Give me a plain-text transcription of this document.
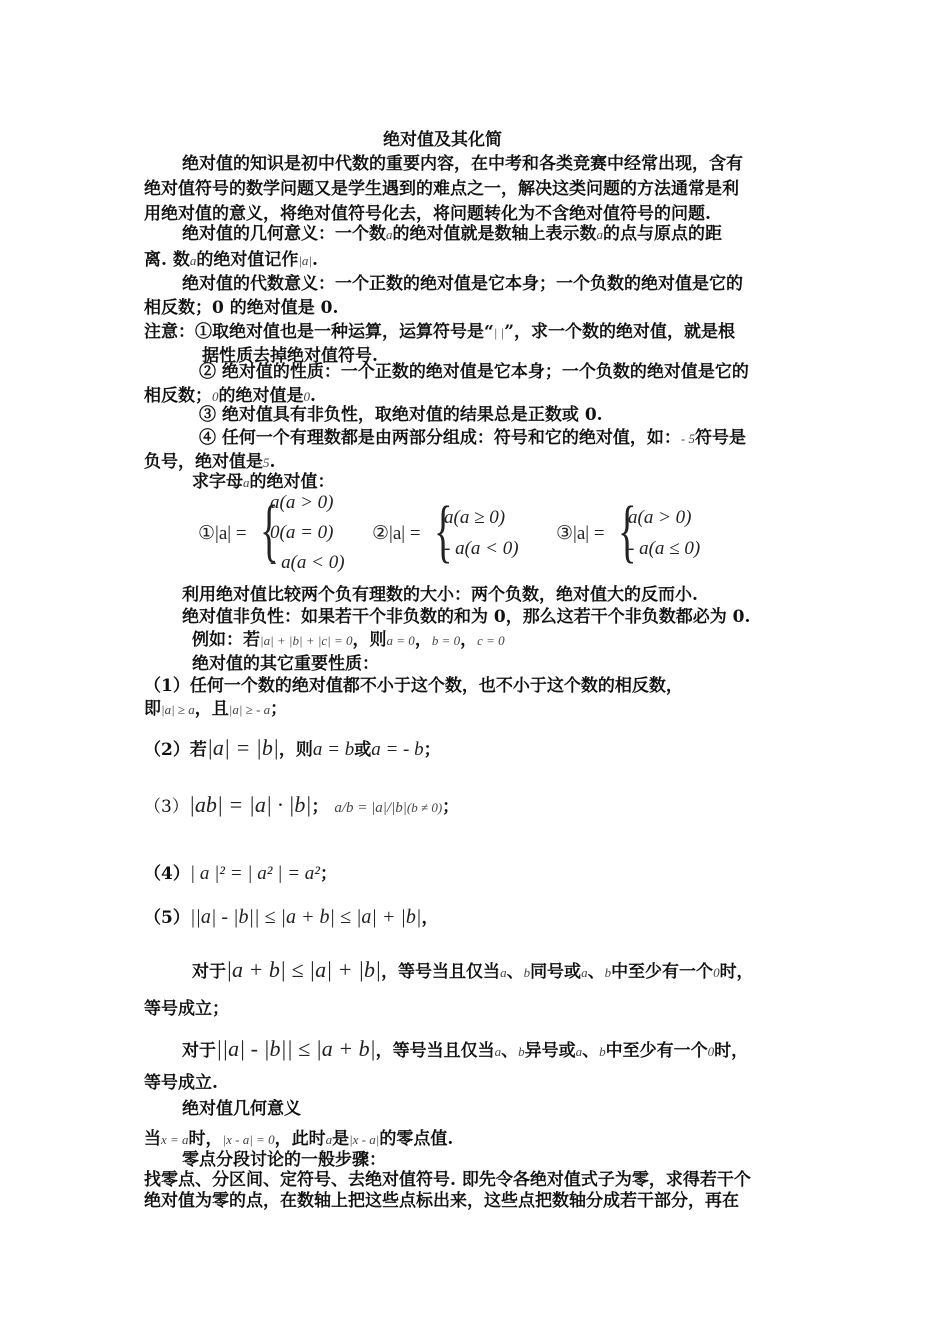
绝对值及其化简
绝对值的知识是初中代数的重要内容，在中考和各类竞赛中经常出现，含有
绝对值符号的数学问题又是学生遇到的难点之一，解决这类问题的方法通常是利
用绝对值的意义，将绝对值符号化去，将问题转化为不含绝对值符号的问题.
绝对值的几何意义：一个数a的绝对值就是数轴上表示数a的点与原点的距
离. 数a的绝对值记作|a|.
绝对值的代数意义：一个正数的绝对值是它本身；一个负数的绝对值是它的
相反数；0 的绝对值是 0.
注意：①取绝对值也是一种运算，运算符号是“| |”，求一个数的绝对值，就是根
据性质去掉绝对值符号.
② 绝对值的性质：一个正数的绝对值是它本身；一个负数的绝对值是它的
相反数；0的绝对值是0.
③ 绝对值具有非负性，取绝对值的结果总是正数或 0.
④ 任何一个有理数都是由两部分组成：符号和它的绝对值，如：- 5符号是
负号，绝对值是5.
求字母a的绝对值：
①|a| = {
a(a > 0)
0(a = 0)
- a(a < 0)
②|a| = {
a(a ≥ 0)
- a(a < 0)
③|a| = {
a(a > 0)
- a(a ≤ 0)
利用绝对值比较两个负有理数的大小：两个负数，绝对值大的反而小.
绝对值非负性：如果若干个非负数的和为 0，那么这若干个非负数都必为 0.
例如：若|a| + |b| + |c| = 0，则a = 0，b = 0，c = 0
绝对值的其它重要性质：
（1）任何一个数的绝对值都不小于这个数，也不小于这个数的相反数，
即|a| ≥ a，且|a| ≥ - a；
（2）若|a| = |b|，则a = b或a = - b；
（3）|ab| = |a| · |b|； a/b = |a|/|b|(b ≠ 0)；
（4）| a |² = | a² | = a²；
（5）||a| - |b|| ≤ |a + b| ≤ |a| + |b|，
对于|a + b| ≤ |a| + |b|，等号当且仅当a、b同号或a、b中至少有一个0时，
等号成立；
对于||a| - |b|| ≤ |a + b|，等号当且仅当a、b异号或a、b中至少有一个0时，
等号成立.
绝对值几何意义
当x = a时，|x - a| = 0，此时a是|x - a|的零点值.
零点分段讨论的一般步骤：
找零点、分区间、定符号、去绝对值符号. 即先令各绝对值式子为零，求得若干个
绝对值为零的点，在数轴上把这些点标出来，这些点把数轴分成若干部分，再在
